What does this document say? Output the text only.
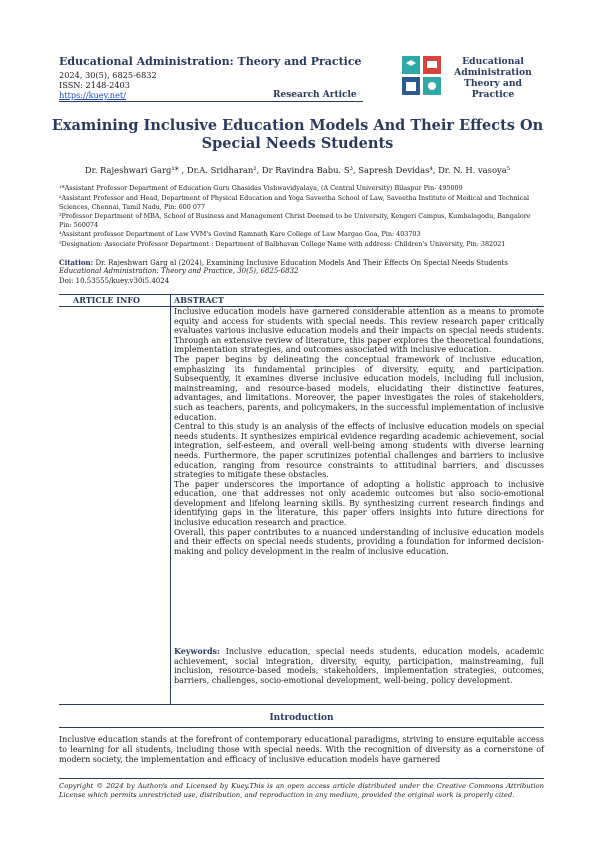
Educational Administration: Theory and Practice
2024, 30(5), 6825-6832
ISSN: 2148-2403
https://kuey.net/	Research Article
Educational
Administration
Theory and Practice
Examining Inclusive Education Models And Their Effects On Special Needs Students
Dr. Rajeshwari Garg¹* , Dr.A. Sridharan², Dr Ravindra Babu. S³, Sapresh Devidas⁴, Dr. N. H. vasoya⁵
¹*Assistant Professor Department of Education Guru Ghasidas Vishwavidyalaya, (A Central University) Bilaspur Pin- 495009
²Assistant Professor and Head, Department of Physical Education and Yoga Saveetha School of Law, Saveetha Institute of Medical and Technical Sciences, Chennai, Tamil Nadu, Pin: 600 077
³Professor Department of MBA, School of Business and Management Christ Deemed to be University, Kengeri Campus, Kumbalagodu, Bangalore Pin: 560074
⁴Assistant professor Department of Law VVM's Govind Ramnath Kare College of Law Margao Goa, Pin: 403703
⁵Designation: Associate Professor Department : Department of Balbhavan College Name with address: Children's University, Pin: 382021
Citation: Dr. Rajeshwari Garg al (2024), Examining Inclusive Education Models And Their Effects On Special Needs Students
Educational Administration: Theory and Practice, 30(5), 6825-6832
Doi: 10.53555/kuey.v30i5.4024
ARTICLE INFO	ABSTRACT

Inclusive education models have garnered considerable attention as a means to promote equity and access for students with special needs. This review research paper critically evaluates various inclusive education models and their impacts on special needs students. Through an extensive review of literature, this paper explores the theoretical foundations, implementation strategies, and outcomes associated with inclusive education.

The paper begins by delineating the conceptual framework of inclusive education, emphasizing its fundamental principles of diversity, equity, and participation. Subsequently, it examines diverse inclusive education models, including full inclusion, mainstreaming, and resource-based models, elucidating their distinctive features, advantages, and limitations. Moreover, the paper investigates the roles of stakeholders, such as teachers, parents, and policymakers, in the successful implementation of inclusive education.

Central to this study is an analysis of the effects of inclusive education models on special needs students. It synthesizes empirical evidence regarding academic achievement, social integration, self-esteem, and overall well-being among students with diverse learning needs. Furthermore, the paper scrutinizes potential challenges and barriers to inclusive education, ranging from resource constraints to attitudinal barriers, and discusses strategies to mitigate these obstacles.

The paper underscores the importance of adopting a holistic approach to inclusive education, one that addresses not only academic outcomes but also socio-emotional development and lifelong learning skills. By synthesizing current research findings and identifying gaps in the literature, this paper offers insights into future directions for inclusive education research and practice.

Overall, this paper contributes to a nuanced understanding of inclusive education models and their effects on special needs students, providing a foundation for informed decision-making and policy development in the realm of inclusive education.

Keywords: Inclusive education, special needs students, education models, academic achievement, social integration, diversity, equity, participation, mainstreaming, full inclusion, resource-based models, stakeholders, implementation strategies, outcomes, barriers, challenges, socio-emotional development, well-being, policy development.
Introduction
Inclusive education stands at the forefront of contemporary educational paradigms, striving to ensure equitable access to learning for all students, including those with special needs. With the recognition of diversity as a cornerstone of modern society, the implementation and efficacy of inclusive education models have garnered
Copyright © 2024 by Author/s and Licensed by Kuey.This is an open access article distributed under the Creative Commons Attribution License which permits unrestricted use, distribution, and reproduction in any medium, provided the original work is properly cited.
